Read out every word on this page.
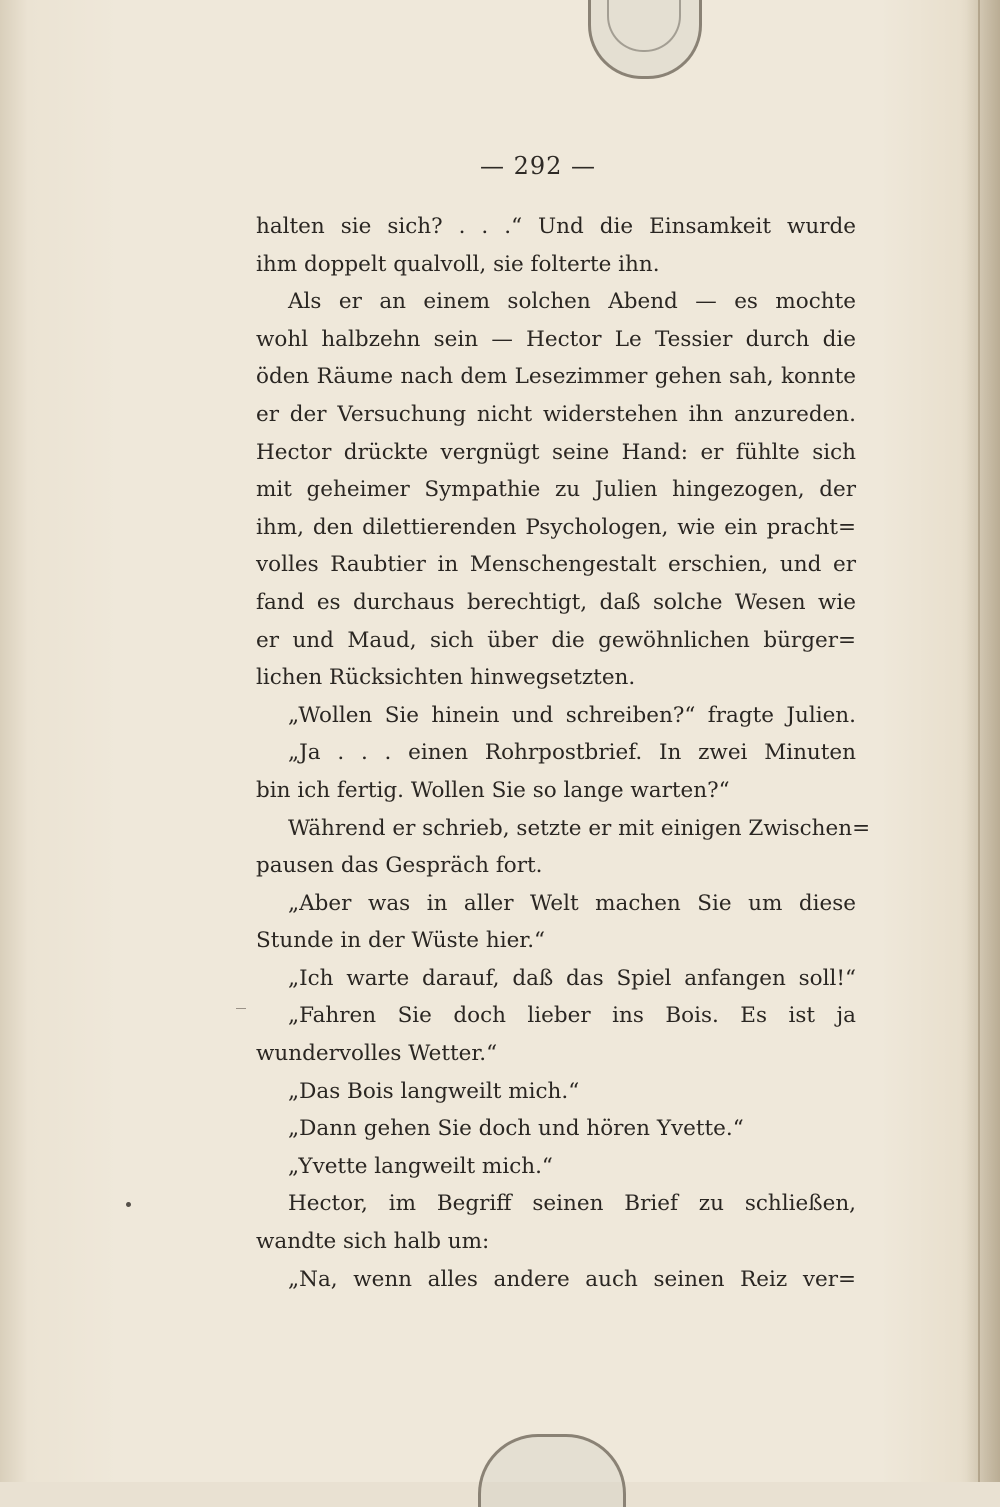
— 292 —
halten sie sich? . . .“ Und die Einsamkeit wurde
ihm doppelt qualvoll, sie folterte ihn.
Als er an einem solchen Abend — es mochte
wohl halbzehn sein — Hector Le Tessier durch die
öden Räume nach dem Lesezimmer gehen sah, konnte
er der Versuchung nicht widerstehen ihn anzureden.
Hector drückte vergnügt seine Hand: er fühlte sich
mit geheimer Sympathie zu Julien hingezogen, der
ihm, den dilettierenden Psychologen, wie ein pracht=
volles Raubtier in Menschengestalt erschien, und er
fand es durchaus berechtigt, daß solche Wesen wie
er und Maud, sich über die gewöhnlichen bürger=
lichen Rücksichten hinwegsetzten.
„Wollen Sie hinein und schreiben?“ fragte Julien.
„Ja . . . einen Rohrpostbrief. In zwei Minuten
bin ich fertig. Wollen Sie so lange warten?“
Während er schrieb, setzte er mit einigen Zwischen=
pausen das Gespräch fort.
„Aber was in aller Welt machen Sie um diese
Stunde in der Wüste hier.“
„Ich warte darauf, daß das Spiel anfangen soll!“
„Fahren Sie doch lieber ins Bois. Es ist ja
wundervolles Wetter.“
„Das Bois langweilt mich.“
„Dann gehen Sie doch und hören Yvette.“
„Yvette langweilt mich.“
Hector, im Begriff seinen Brief zu schließen,
wandte sich halb um:
„Na, wenn alles andere auch seinen Reiz ver=
